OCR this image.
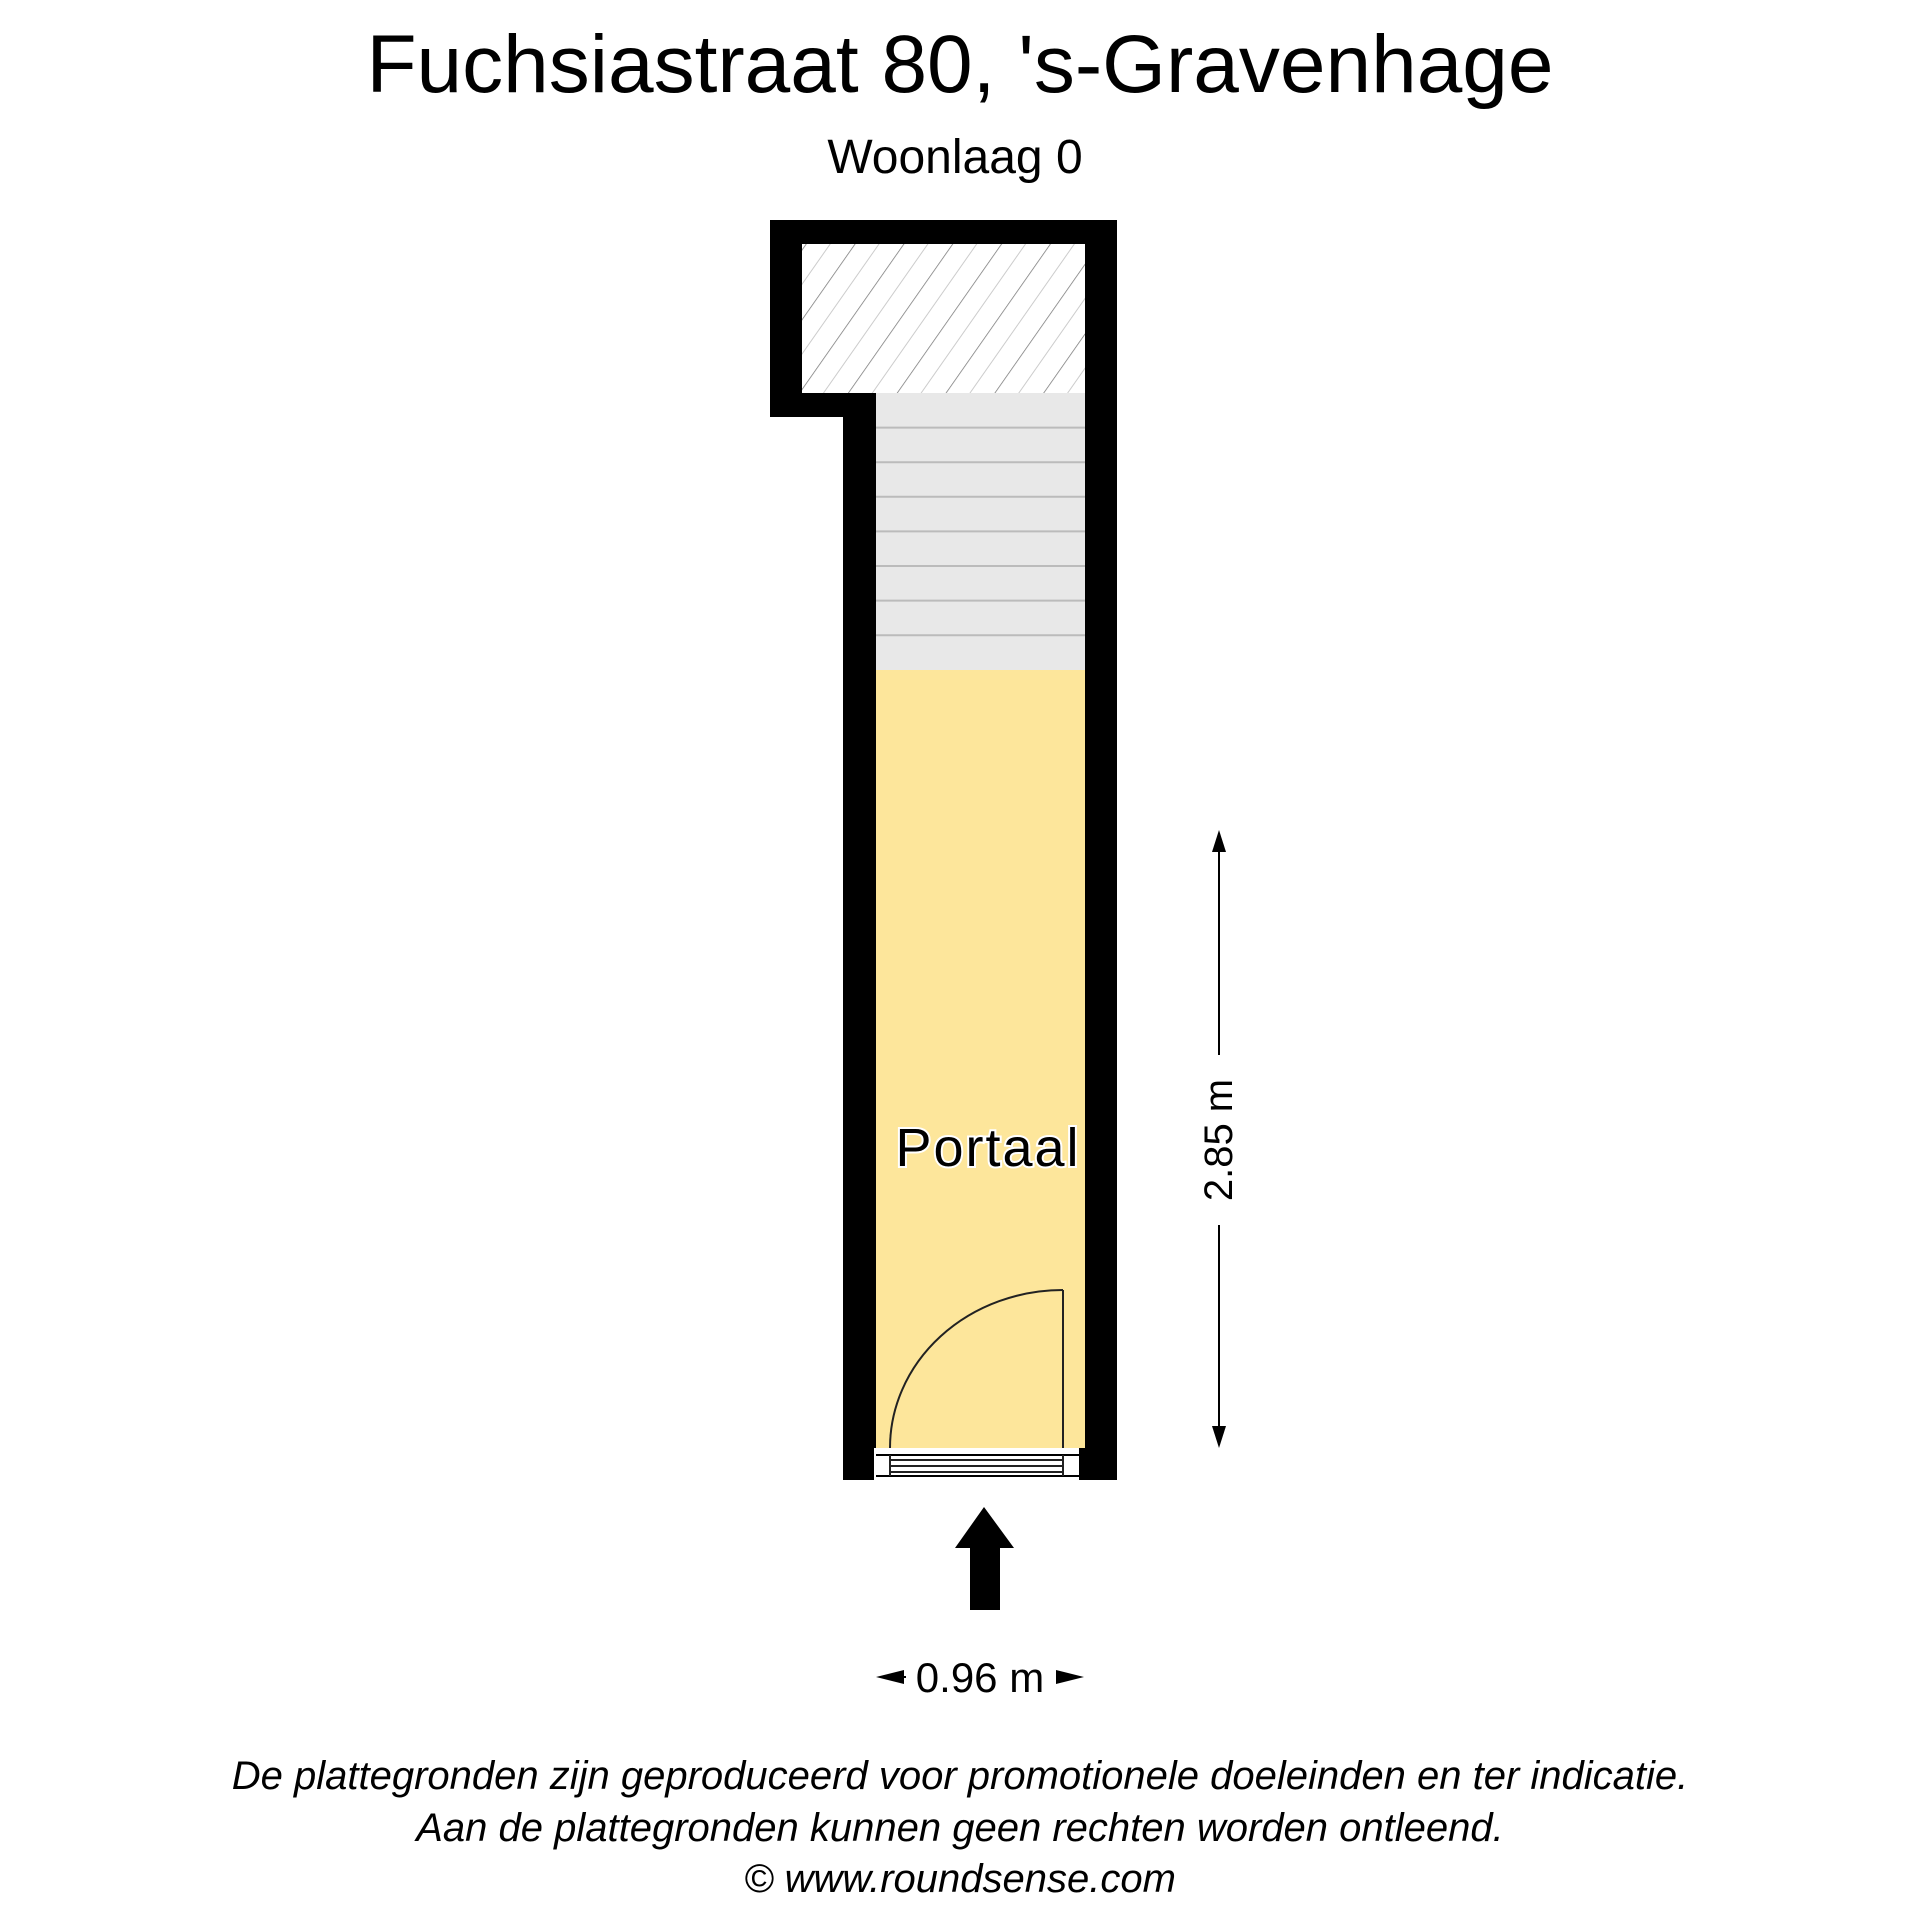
Fuchsiastraat 80, 's-Gravenhage
Woonlaag 0
2.85 m
0.96 m
Portaal
De plattegronden zijn geproduceerd voor promotionele doeleinden en ter indicatie.
Aan de plattegronden kunnen geen rechten worden ontleend.
© www.roundsense.com
